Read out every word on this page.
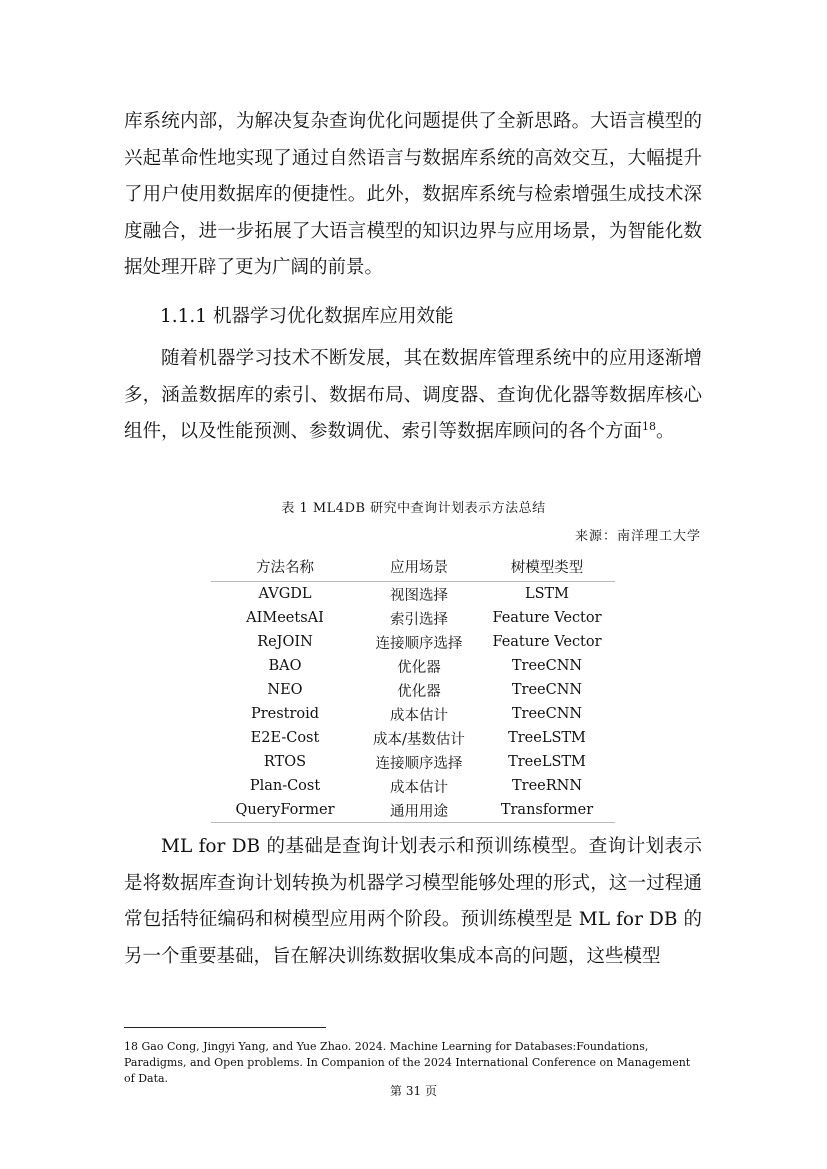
库系统内部，为解决复杂查询优化问题提供了全新思路。大语言模型的兴起革命性地实现了通过自然语言与数据库系统的高效交互，大幅提升了用户使用数据库的便捷性。此外，数据库系统与检索增强生成技术深度融合，进一步拓展了大语言模型的知识边界与应用场景，为智能化数据处理开辟了更为广阔的前景。

1.1.1 机器学习优化数据库应用效能

随着机器学习技术不断发展，其在数据库管理系统中的应用逐渐增多，涵盖数据库的索引、数据布局、调度器、查询优化器等数据库核心组件，以及性能预测、参数调优、索引等数据库顾问的各个方面$^{18}$。

表 1 ML4DB 研究中查询计划表示方法总结

来源：南洋理工大学

方法名称	应用场景	树模型类型
AVGDL	视图选择	LSTM
AIMeetsAI	索引选择	Feature Vector
ReJOIN	连接顺序选择	Feature Vector
BAO	优化器	TreeCNN
NEO	优化器	TreeCNN
Prestroid	成本估计	TreeCNN
E2E-Cost	成本/基数估计	TreeLSTM
RTOS	连接顺序选择	TreeLSTM
Plan-Cost	成本估计	TreeRNN
QueryFormer	通用用途	Transformer

ML for DB 的基础是查询计划表示和预训练模型。查询计划表示是将数据库查询计划转换为机器学习模型能够处理的形式，这一过程通常包括特征编码和树模型应用两个阶段。预训练模型是 ML for DB 的另一个重要基础，旨在解决训练数据收集成本高的问题，这些模型

18 Gao Cong, Jingyi Yang, and Yue Zhao. 2024. Machine Learning for Databases:Foundations, Paradigms, and Open problems. In Companion of the 2024 International Conference on Management of Data.

第 31 页
